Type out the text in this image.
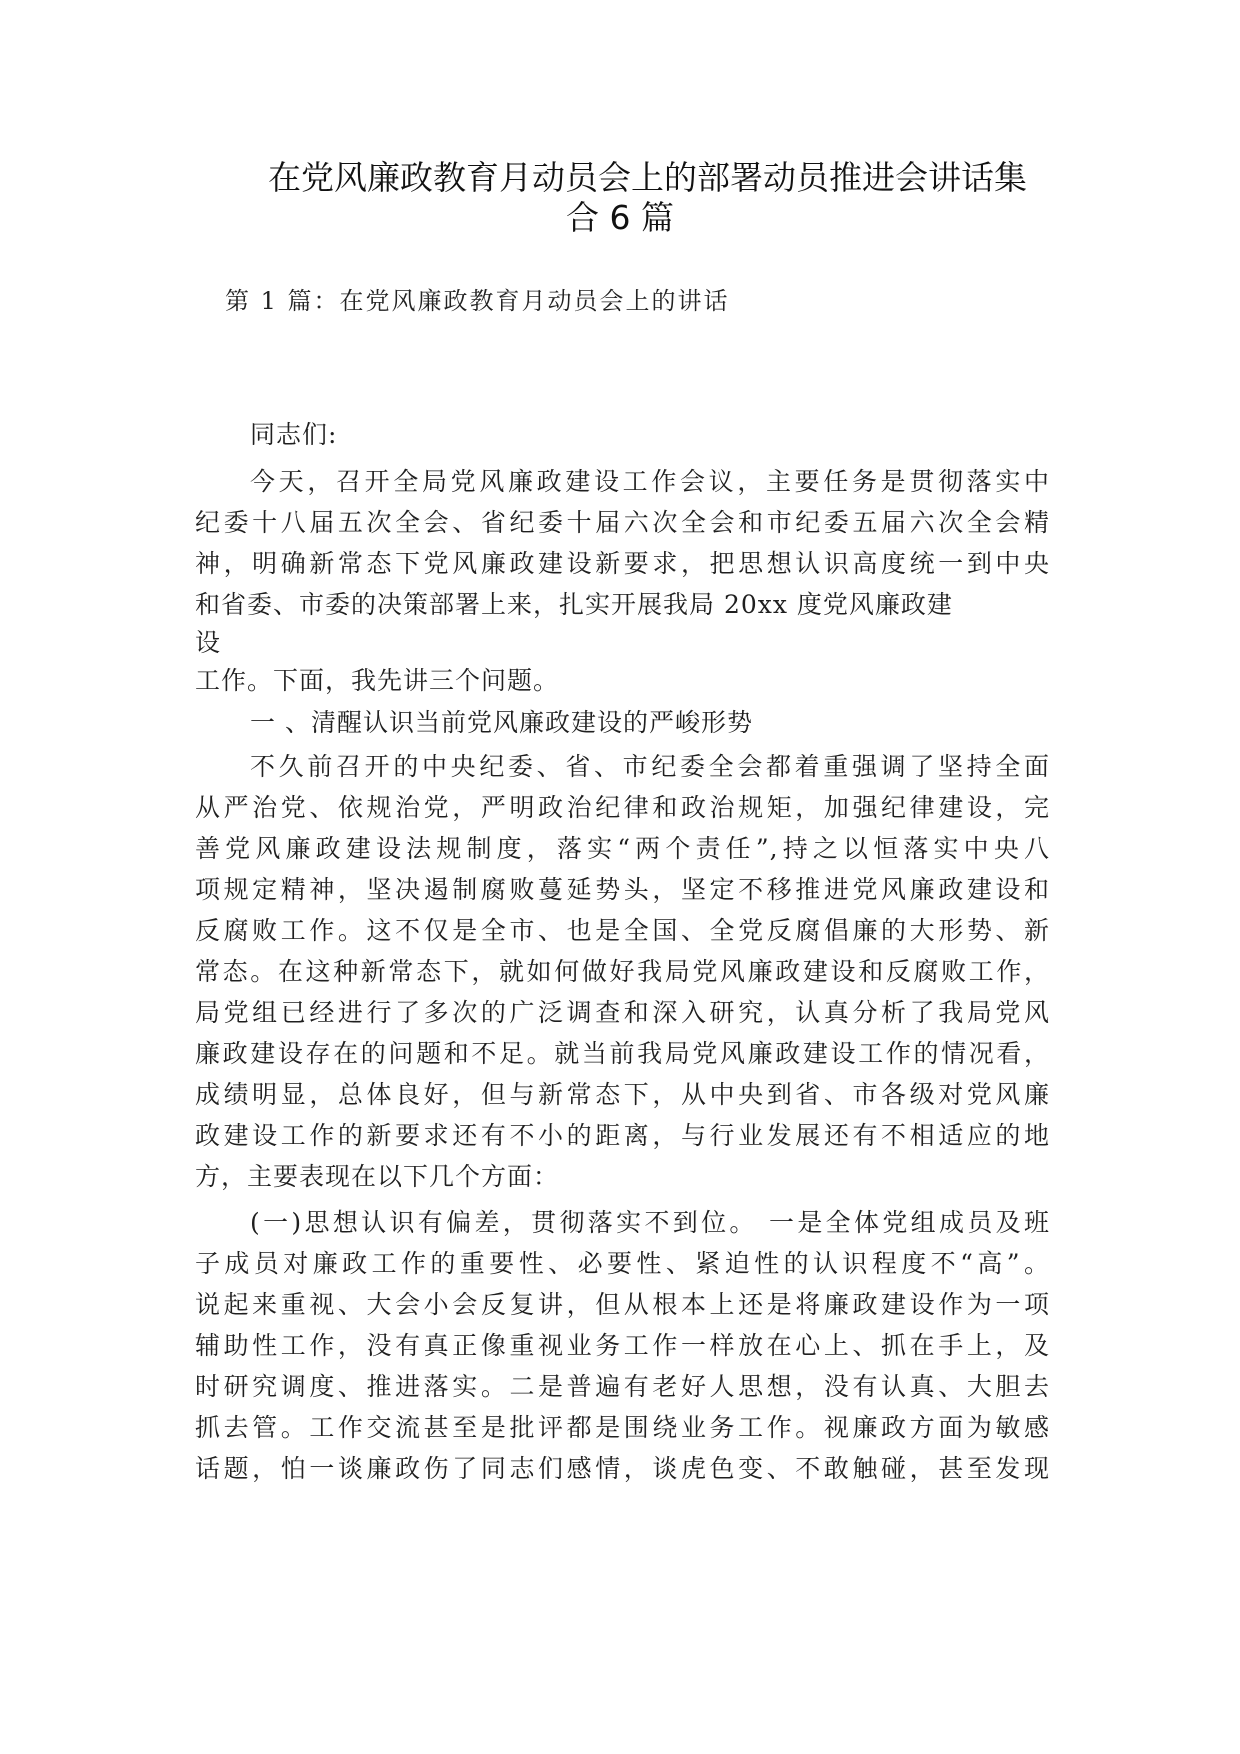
在党风廉政教育月动员会上的部署动员推进会讲话集
合 6 篇
第 1 篇：在党风廉政教育月动员会上的讲话
同志们:
今天，召开全局党风廉政建设工作会议，主要任务是贯彻落实中
纪委十八届五次全会、省纪委十届六次全会和市纪委五届六次全会精
神，明确新常态下党风廉政建设新要求，把思想认识高度统一到中央
和省委、市委的决策部署上来，扎实开展我局 20xx 度党风廉政建
设
工作。下面，我先讲三个问题。
一 、清醒认识当前党风廉政建设的严峻形势
不久前召开的中央纪委、省、市纪委全会都着重强调了坚持全面
从严治党、依规治党，严明政治纪律和政治规矩，加强纪律建设，完
善党风廉政建设法规制度，落实“两个责任”,持之以恒落实中央八
项规定精神，坚决遏制腐败蔓延势头，坚定不移推进党风廉政建设和
反腐败工作。这不仅是全市、也是全国、全党反腐倡廉的大形势、新
常态。在这种新常态下，就如何做好我局党风廉政建设和反腐败工作，
局党组已经进行了多次的广泛调查和深入研究，认真分析了我局党风
廉政建设存在的问题和不足。就当前我局党风廉政建设工作的情况看，
成绩明显，总体良好，但与新常态下，从中央到省、市各级对党风廉
政建设工作的新要求还有不小的距离，与行业发展还有不相适应的地
方，主要表现在以下几个方面：
(一)思想认识有偏差，贯彻落实不到位。 一是全体党组成员及班
子成员对廉政工作的重要性、必要性、紧迫性的认识程度不“高”。
说起来重视、大会小会反复讲，但从根本上还是将廉政建设作为一项
辅助性工作，没有真正像重视业务工作一样放在心上、抓在手上，及
时研究调度、推进落实。二是普遍有老好人思想，没有认真、大胆去
抓去管。工作交流甚至是批评都是围绕业务工作。视廉政方面为敏感
话题，怕一谈廉政伤了同志们感情，谈虎色变、不敢触碰，甚至发现
